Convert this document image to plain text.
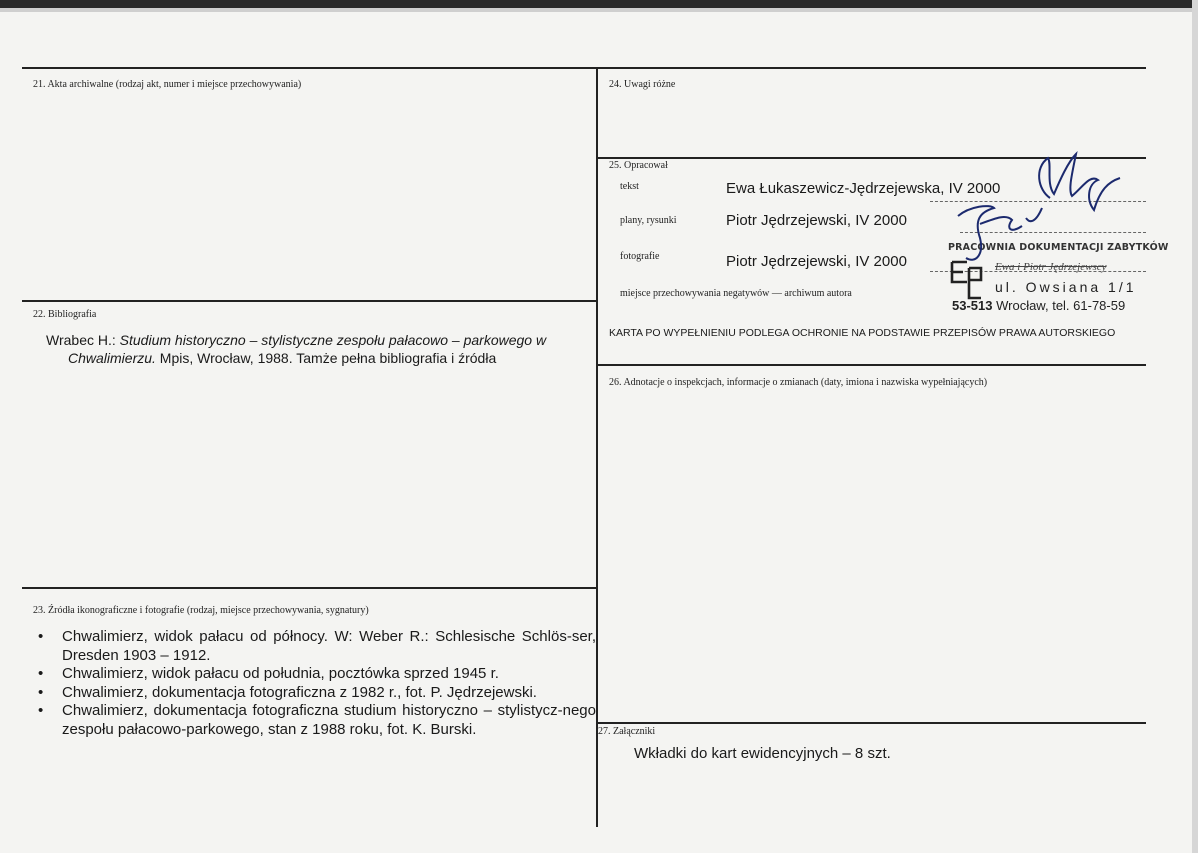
21. Akta archiwalne (rodzaj akt, numer i miejsce przechowywania)
22. Bibliografia
Wrabec H.: Studium historyczno – stylistyczne zespołu pałacowo – parkowego w
Chwalimierzu. Mpis, Wrocław, 1988. Tamże pełna bibliografia i źródła
23. Źródła ikonograficzne i fotografie (rodzaj, miejsce przechowywania, sygnatury)
• Chwalimierz, widok pałacu od północy. W: Weber R.: Schlesische Schlös-ser, Dresden 1903 – 1912.
• Chwalimierz, widok pałacu od południa, pocztówka sprzed 1945 r.
• Chwalimierz, dokumentacja fotograficzna z 1982 r., fot. P. Jędrzejewski.
• Chwalimierz, dokumentacja fotograficzna studium historyczno – stylistycz-nego zespołu pałacowo-parkowego, stan z 1988 roku, fot. K. Burski.
24. Uwagi różne
25. Opracował
tekst	Ewa Łukaszewicz-Jędrzejewska, IV 2000
plany, rysunki	Piotr Jędrzejewski, IV 2000
fotografie	Piotr Jędrzejewski, IV 2000
miejsce przechowywania negatywów — archiwum autora
PRACOWNIA DOKUMENTACJI ZABYTKÓW
Ewa i Piotr Jędrzejewscy
ul. Owsiana 1/1
53-513 Wrocław, tel. 61-78-59
KARTA PO WYPEŁNIENIU PODLEGA OCHRONIE NA PODSTAWIE PRZEPISÓW PRAWA AUTORSKIEGO
26. Adnotacje o inspekcjach, informacje o zmianach (daty, imiona i nazwiska wypełniających)
27. Załączniki
Wkładki do kart ewidencyjnych – 8 szt.
